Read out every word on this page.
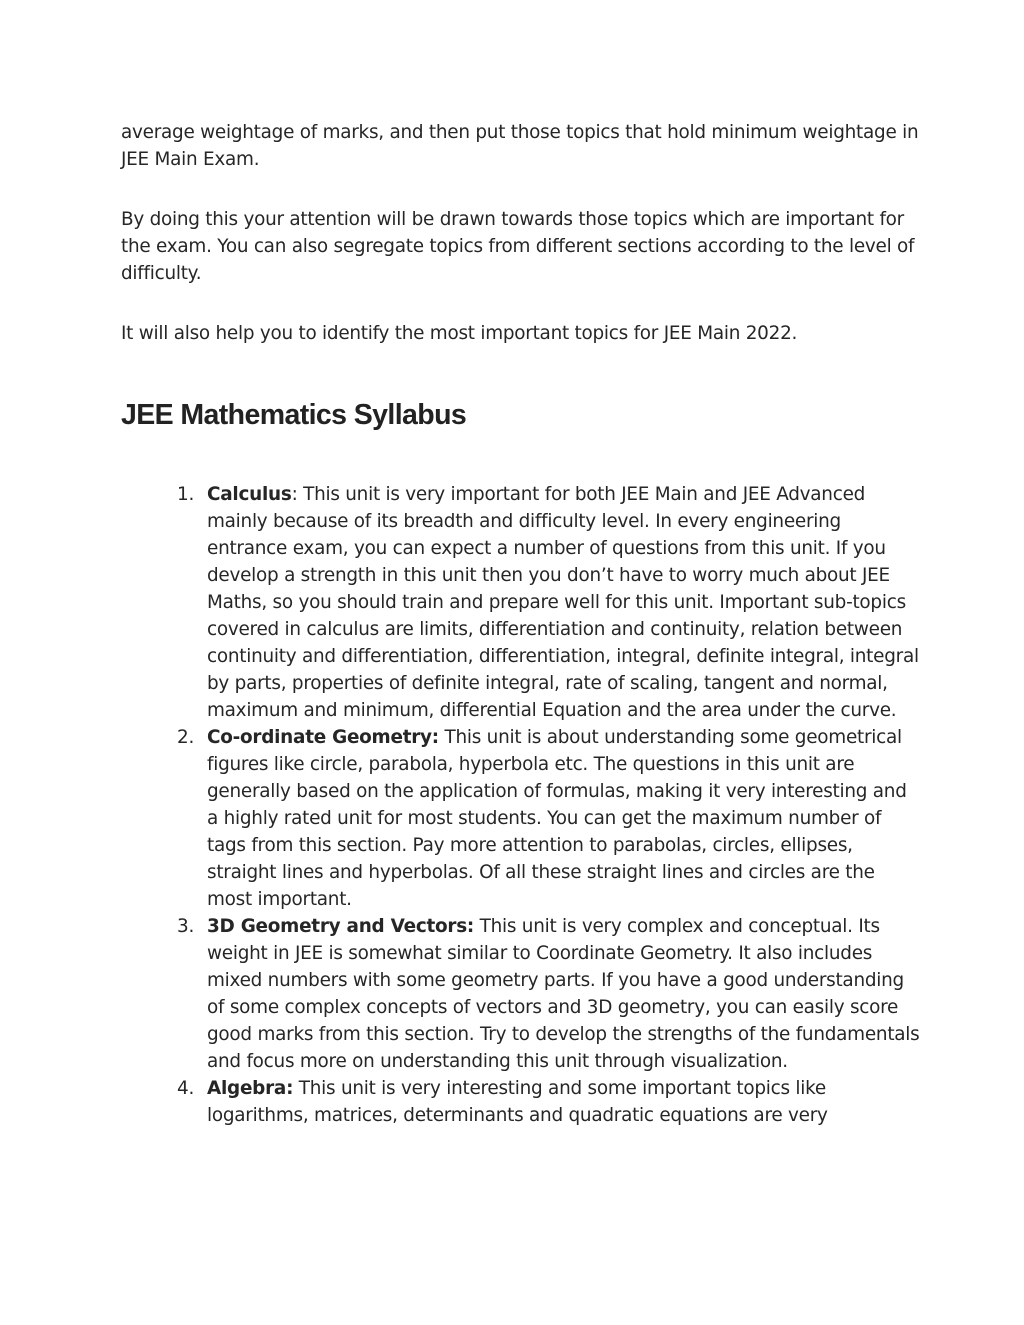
average weightage of marks, and then put those topics that hold minimum weightage in JEE Main Exam.

By doing this your attention will be drawn towards those topics which are important for the exam. You can also segregate topics from different sections according to the level of difficulty.

It will also help you to identify the most important topics for JEE Main 2022.

JEE Mathematics Syllabus
1. Calculus: This unit is very important for both JEE Main and JEE Advanced mainly because of its breadth and difficulty level. In every engineering entrance exam, you can expect a number of questions from this unit. If you develop a strength in this unit then you don’t have to worry much about JEE Maths, so you should train and prepare well for this unit. Important sub-topics covered in calculus are limits, differentiation and continuity, relation between continuity and differentiation, differentiation, integral, definite integral, integral by parts, properties of definite integral, rate of scaling, tangent and normal, maximum and minimum, differential Equation and the area under the curve.
2. Co-ordinate Geometry: This unit is about understanding some geometrical figures like circle, parabola, hyperbola etc. The questions in this unit are generally based on the application of formulas, making it very interesting and a highly rated unit for most students. You can get the maximum number of tags from this section. Pay more attention to parabolas, circles, ellipses, straight lines and hyperbolas. Of all these straight lines and circles are the most important.
3. 3D Geometry and Vectors: This unit is very complex and conceptual. Its weight in JEE is somewhat similar to Coordinate Geometry. It also includes mixed numbers with some geometry parts. If you have a good understanding of some complex concepts of vectors and 3D geometry, you can easily score good marks from this section. Try to develop the strengths of the fundamentals and focus more on understanding this unit through visualization.
4. Algebra: This unit is very interesting and some important topics like logarithms, matrices, determinants and quadratic equations are very
